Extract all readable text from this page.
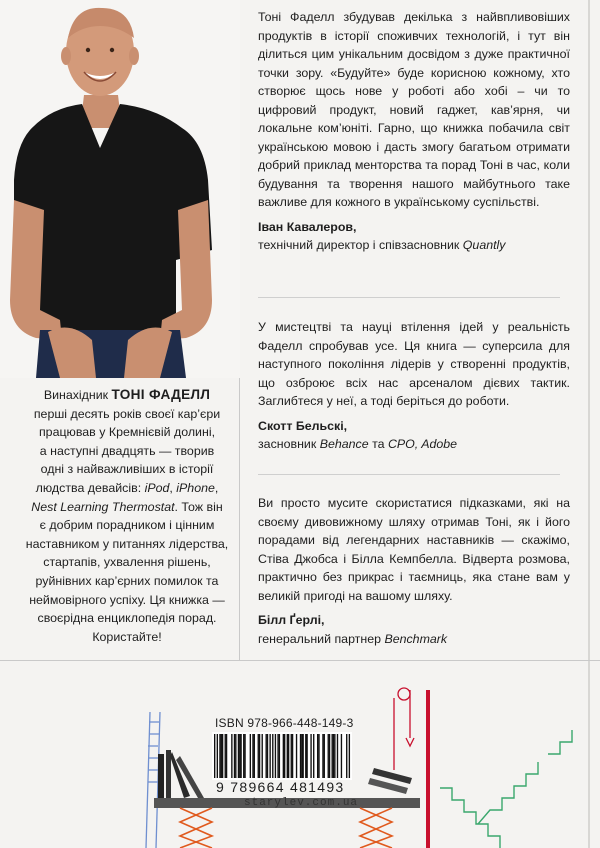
Винахідник ТОНІ ФАДЕЛЛ
перші десять років своєї кар’єри
працював у Кремнієвій долині,
а наступні двадцять — творив
одні з найважливіших в історії
людства девайсів: iPod, iPhone,
Nest Learning Thermostat. Тож він
є добрим порадником і цінним
наставником у питаннях лідерства,
стартапів, ухвалення рішень,
руйнівних кар’єрних помилок та
неймовірного успіху. Ця книжка —
своєрідна енциклопедія порад.
Користайте!

Тоні Фаделл збудував декілька з найвпливовіших продуктів в історії споживчих технологій, і тут він ділиться цим унікальним досвідом з дуже практичної точки зору. «Будуйте» буде корисною кожному, хто створює щось нове у роботі або хобі – чи то цифровий продукт, новий гаджет, кав’ярня, чи локальне ком’юніті. Гарно, що книжка побачила світ українською мовою і дасть змогу багатьом отримати добрий приклад менторства та порад Тоні в час, коли будування та творення нашого майбутнього таке важливе для кожного в українському суспільстві.

Іван Кавалеров,
технічний директор і співзасновник Quantly

У мистецтві та науці втілення ідей у реальність Фаделл спробував усе. Ця книга — суперсила для наступного покоління лідерів у створенні продуктів, що озброює всіх нас арсеналом дієвих тактик. Заглибтеся у неї, а тоді беріться до роботи.

Скотт Бельскі,
засновник Behance та CPO, Adobe

Ви просто мусите скористатися підказками, які на своєму дивовижному шляху отримав Тоні, як і його порадами від легендарних наставників — скажімо, Стіва Джобса і Білла Кемпбелла. Відверта розмова, практично без прикрас і таємниць, яка стане вам у великій пригоді на вашому шляху.

Білл Ґерлі,
генеральний партнер Benchmark
ISBN 978-966-448-149-3
9 789664 481493
starylev.com.ua
